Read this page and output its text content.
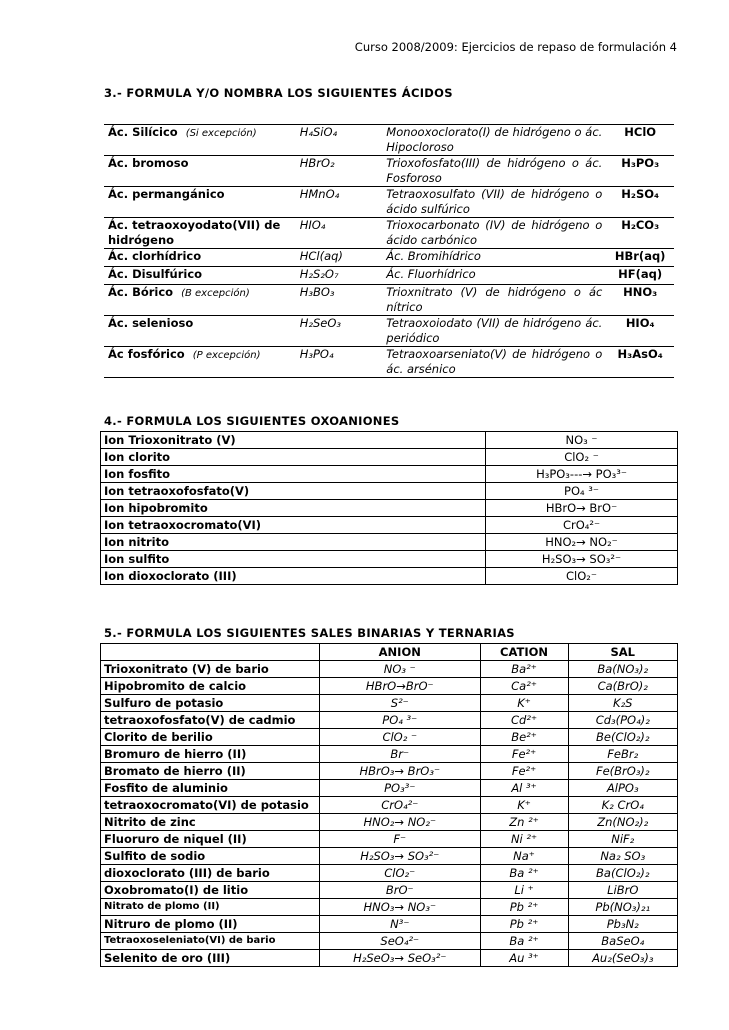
Curso 2008/2009: Ejercicios de repaso de formulación 4
3.- FORMULA Y/O NOMBRA LOS SIGUIENTES ÁCIDOS
Ác. Silícico (Si excepción)	H₄SiO₄	Monooxoclorato(I) de hidrógeno o ác. Hipocloroso	HClO
Ác. bromoso	HBrO₂	Trioxofosfato(III) de hidrógeno o ác. Fosforoso	H₃PO₃
Ác. permangánico	HMnO₄	Tetraoxosulfato (VII) de hidrógeno o ácido sulfúrico	H₂SO₄
Ác. tetraoxoyodato(VII) de hidrógeno	HIO₄	Trioxocarbonato (IV) de hidrógeno o ácido carbónico	H₂CO₃
Ác. clorhídrico	HCl(aq)	Ác. Bromihídrico	HBr(aq)
Ác. Disulfúrico	H₂S₂O₇	Ác. Fluorhídrico	HF(aq)
Ác. Bórico (B excepción)	H₃BO₃	Trioxnitrato (V) de hidrógeno o ác nítrico	HNO₃
Ác. selenioso	H₂SeO₃	Tetraoxoiodato (VII) de hidrógeno ác. periódico	HIO₄
Ác fosfórico (P excepción)	H₃PO₄	Tetraoxoarseniato(V) de hidrógeno o ác. arsénico	H₃AsO₄
4.- FORMULA LOS SIGUIENTES OXOANIONES
Ion Trioxonitrato (V)	NO₃ ⁻
Ion clorito	ClO₂ ⁻
Ion fosfito	H₃PO₃---→ PO₃³⁻
Ion tetraoxofosfato(V)	PO₄ ³⁻
Ion hipobromito	HBrO→ BrO⁻
Ion tetraoxocromato(VI)	CrO₄²⁻
Ion nitrito	HNO₂→ NO₂⁻
Ion sulfito	H₂SO₃→ SO₃²⁻
Ion dioxoclorato (III)	ClO₂⁻
5.- FORMULA LOS SIGUIENTES SALES BINARIAS Y TERNARIAS
	ANION	CATION	SAL
Trioxonitrato (V) de bario	NO₃ ⁻	Ba²⁺	Ba(NO₃)₂
Hipobromito de calcio	HBrO→BrO⁻	Ca²⁺	Ca(BrO)₂
Sulfuro de potasio	S²⁻	K⁺	K₂S
tetraoxofosfato(V) de cadmio	PO₄ ³⁻	Cd²⁺	Cd₃(PO₄)₂
Clorito de berilio	ClO₂ ⁻	Be²⁺	Be(ClO₂)₂
Bromuro de hierro (II)	Br⁻	Fe²⁺	FeBr₂
Bromato de hierro (II)	HBrO₃→ BrO₃⁻	Fe²⁺	Fe(BrO₃)₂
Fosfito de aluminio	PO₃³⁻	Al ³⁺	AlPO₃
tetraoxocromato(VI) de potasio	CrO₄²⁻	K⁺	K₂ CrO₄
Nitrito de zinc	HNO₂→ NO₂⁻	Zn ²⁺	Zn(NO₂)₂
Fluoruro de niquel (II)	F⁻	Ni ²⁺	NiF₂
Sulfito de sodio	H₂SO₃→ SO₃²⁻	Na⁺	Na₂ SO₃
dioxoclorato (III) de bario	ClO₂⁻	Ba ²⁺	Ba(ClO₂)₂
Oxobromato(I) de litio	BrO⁻	Li ⁺	LiBrO
Nitrato de plomo (II)	HNO₃→ NO₃⁻	Pb ²⁺	Pb(NO₃)₂₁
Nitruro de plomo (II)	N³⁻	Pb ²⁺	Pb₃N₂
Tetraoxoseleniato(VI) de bario	SeO₄²⁻	Ba ²⁺	BaSeO₄
Selenito de oro (III)	H₂SeO₃→ SeO₃²⁻	Au ³⁺	Au₂(SeO₃)₃
